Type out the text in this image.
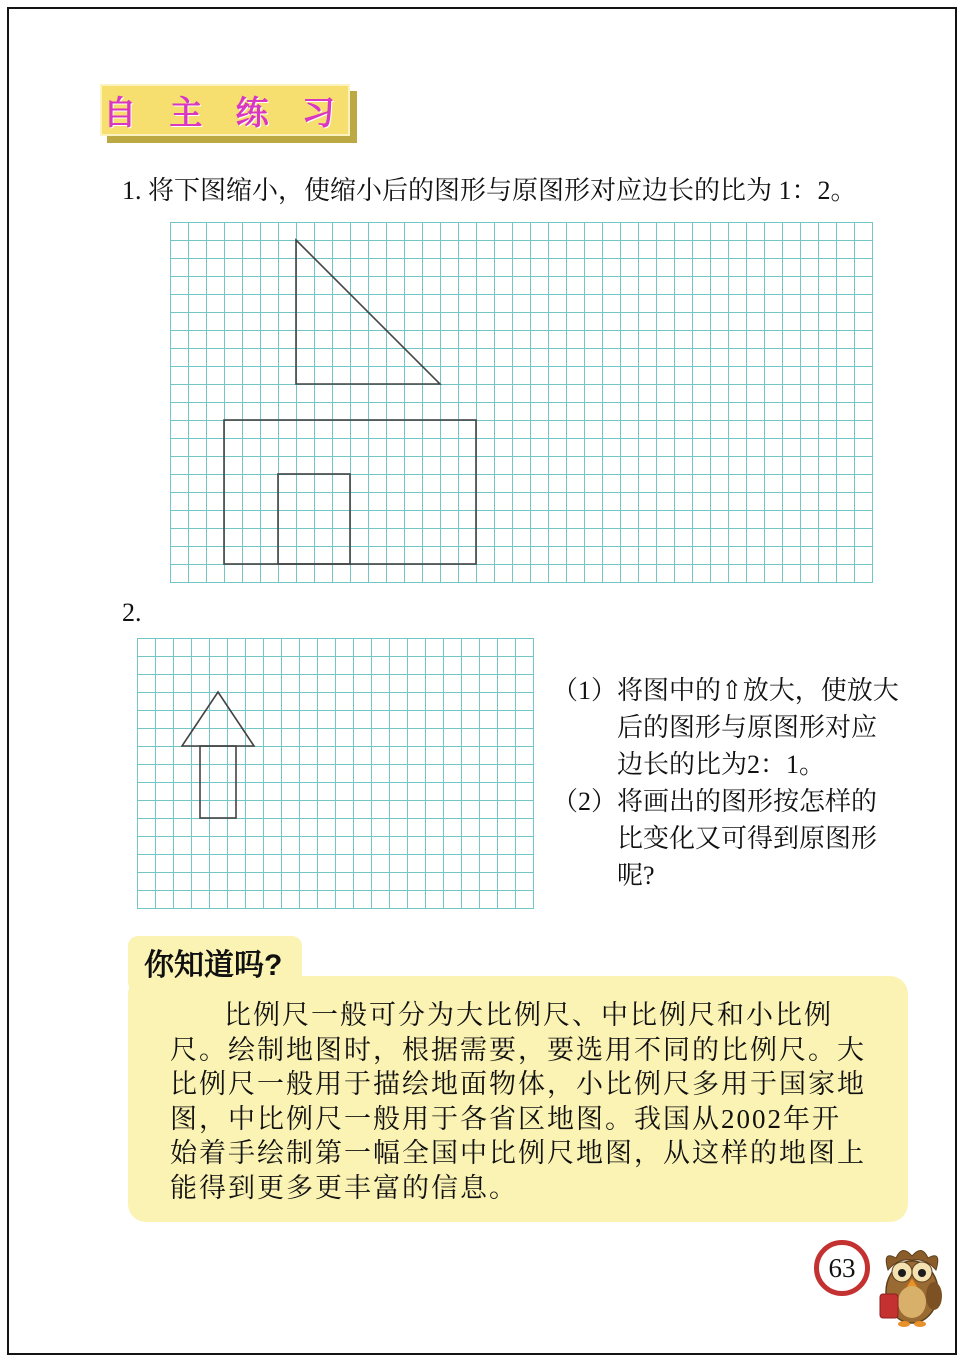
自 主 练 习
1. 将下图缩小，使缩小后的图形与原图形对应边长的比为 1：2。
2.
（1） 将图中的⇧放大，使放大后的图形与原图形对应边长的比为2：1。
（2） 将画出的图形按怎样的比变化又可得到原图形呢?
你知道吗?

比例尺一般可分为大比例尺、中比例尺和小比例尺。绘制地图时，根据需要，要选用不同的比例尺。大比例尺一般用于描绘地面物体，小比例尺多用于国家地图，中比例尺一般用于各省区地图。我国从2002年开始着手绘制第一幅全国中比例尺地图，从这样的地图上能得到更多更丰富的信息。

63
